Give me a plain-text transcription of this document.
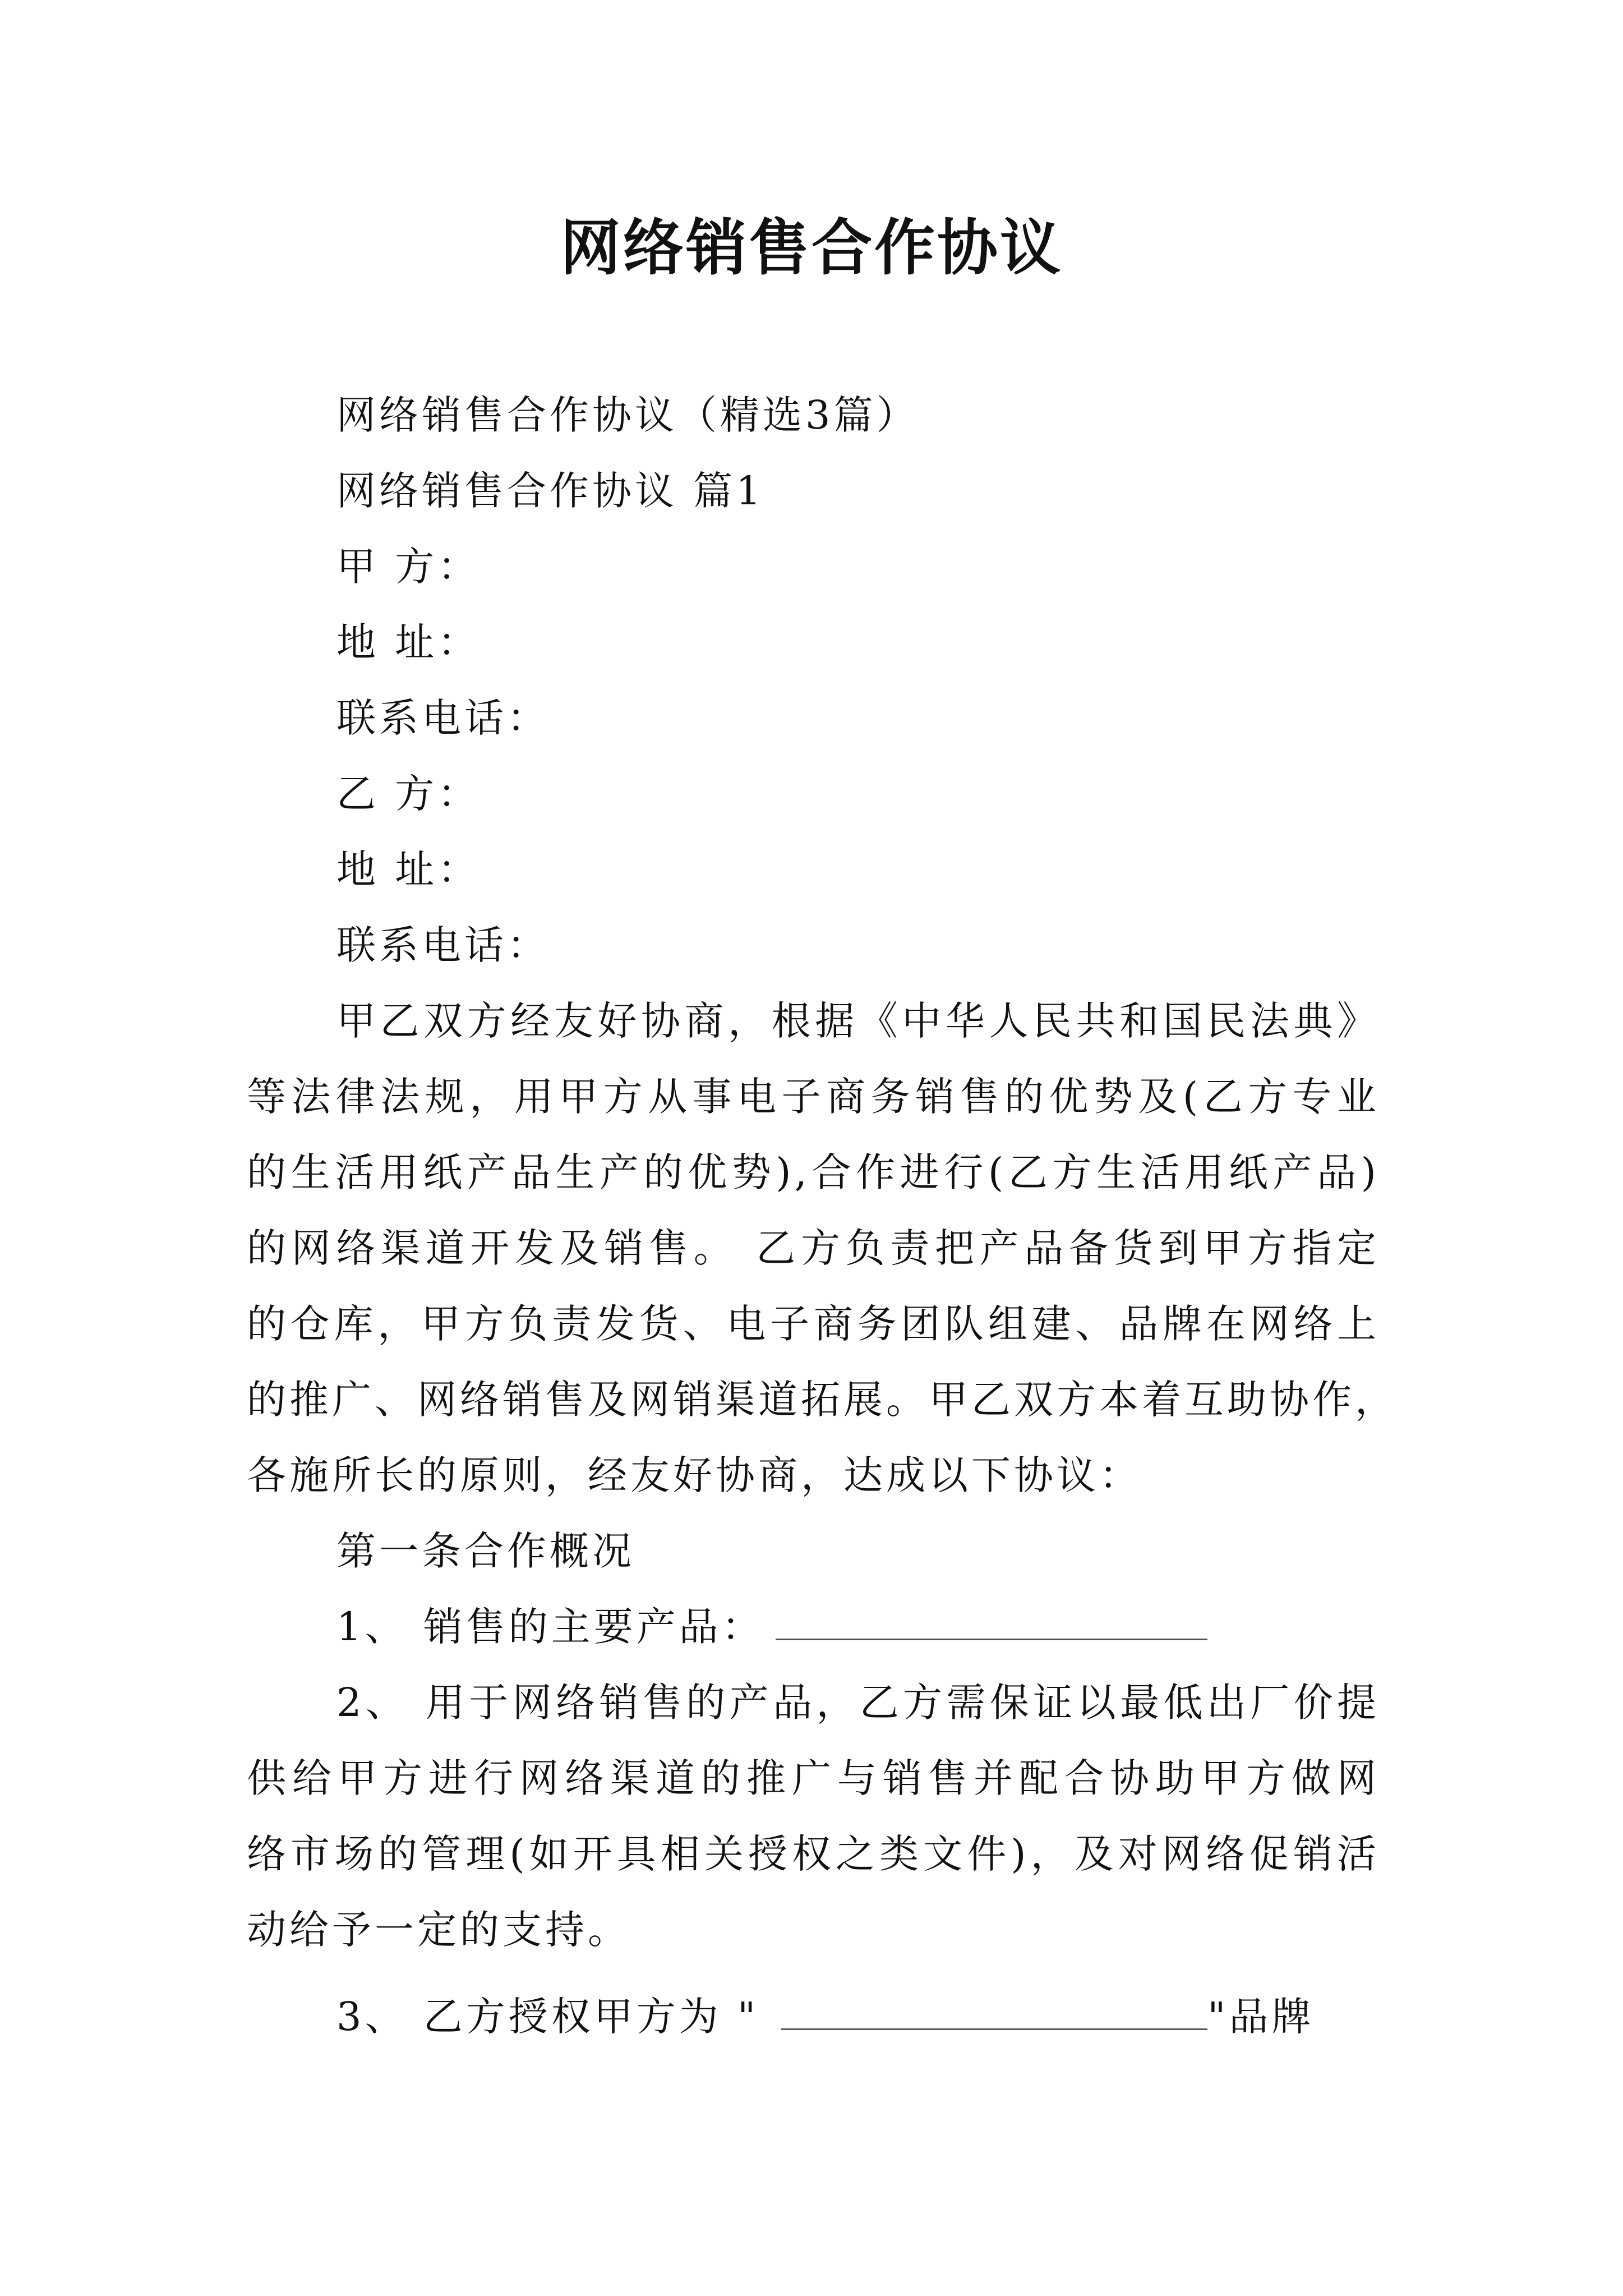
网络销售合作协议
网络销售合作协议（精选3篇）
网络销售合作协议 篇1
甲 方：
地 址：
联系电话：
乙 方：
地 址：
联系电话：
甲乙双方经友好协商，根据《中华人民共和国民法典》
等法律法规，用甲方从事电子商务销售的优势及(乙方专业
的生活用纸产品生产的优势),合作进行(乙方生活用纸产品)
的网络渠道开发及销售。 乙方负责把产品备货到甲方指定
的仓库，甲方负责发货、电子商务团队组建、品牌在网络上
的推广、网络销售及网销渠道拓展。甲乙双方本着互助协作，
各施所长的原则，经友好协商，达成以下协议：
第一条合作概况
1、 销售的主要产品：
2、 用于网络销售的产品，乙方需保证以最低出厂价提
供给甲方进行网络渠道的推广与销售并配合协助甲方做网
络市场的管理(如开具相关授权之类文件)，及对网络促销活
动给予一定的支持。
3、 乙方授权甲方为 "	"品牌
